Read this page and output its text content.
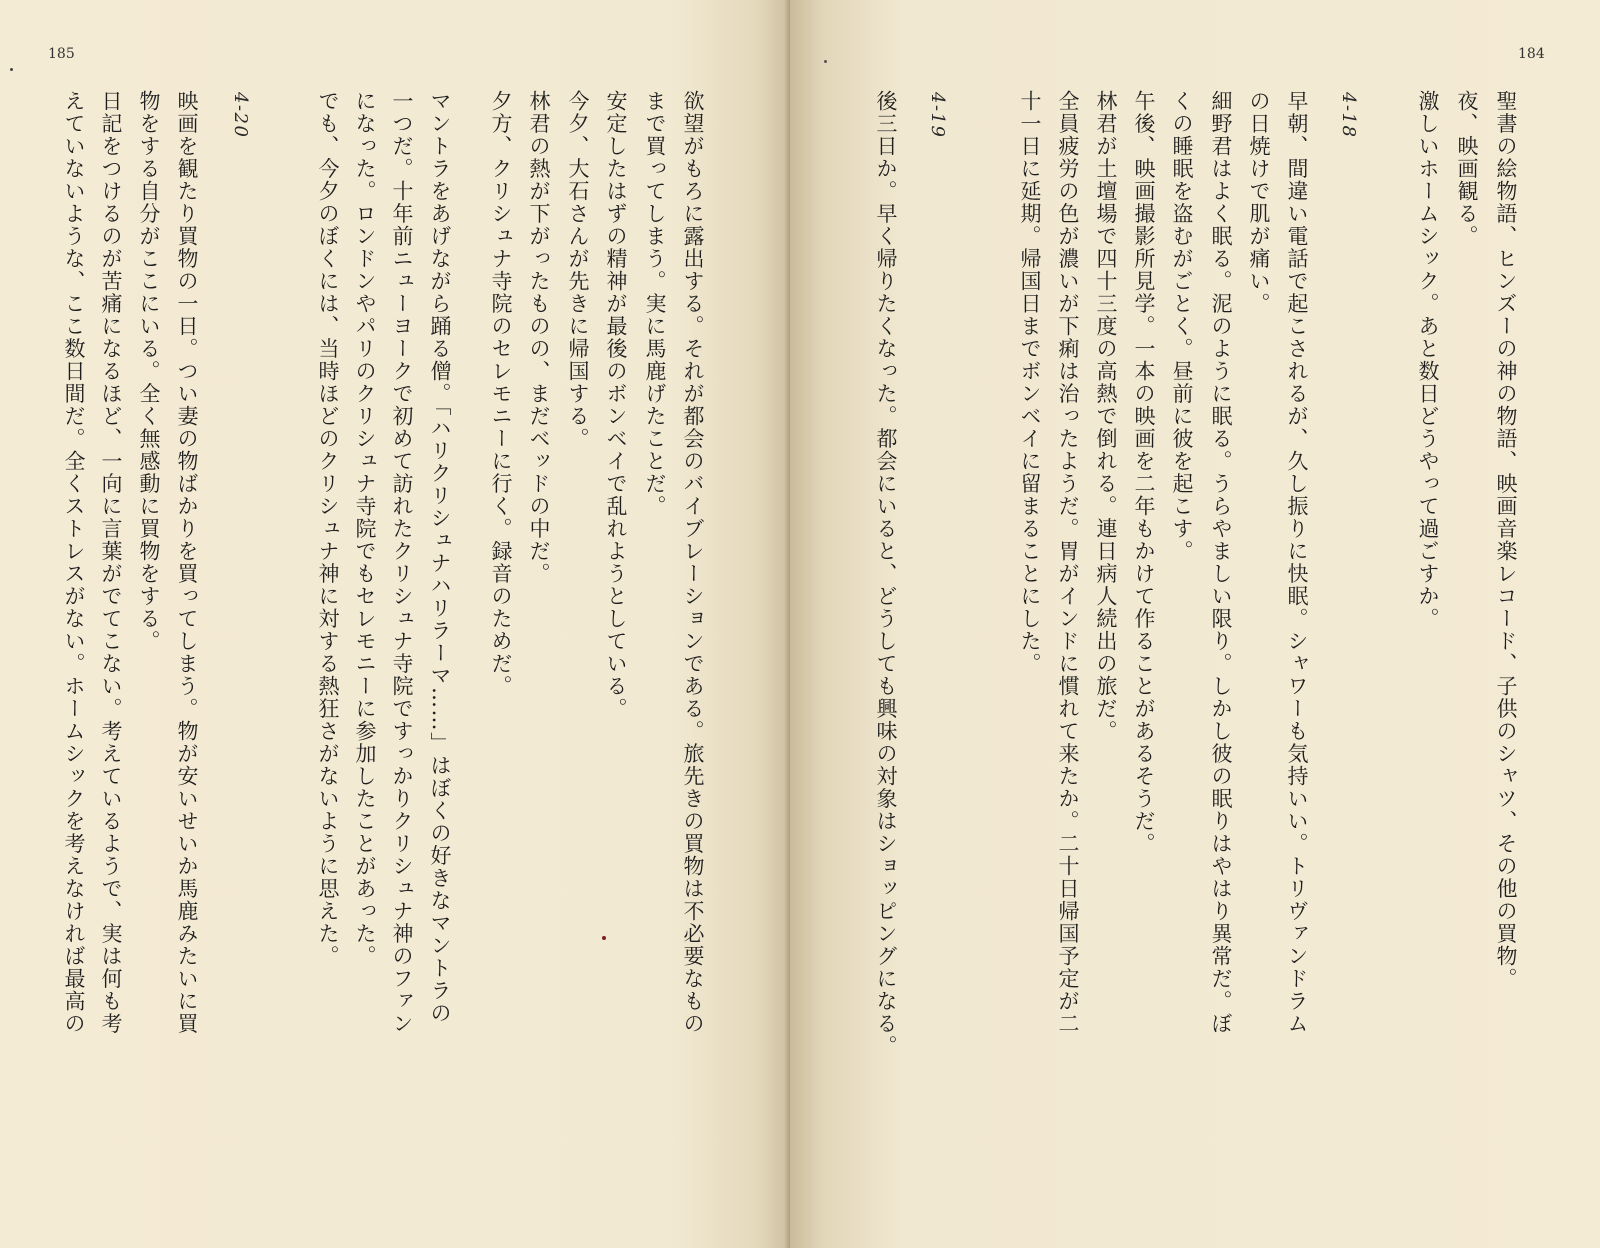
185
欲望がもろに露出する。それが都会のバイブレーションである。旅先きの買物は不必要なもの
まで買ってしまう。実に馬鹿げたことだ。
安定したはずの精神が最後のボンベイで乱れようとしている。
今夕、大石さんが先きに帰国する。
林君の熱が下がったものの、まだベッドの中だ。
夕方、クリシュナ寺院のセレモニーに行く。録音のためだ。
マントラをあげながら踊る僧。「ハリクリシュナハリラーマ……」はぼくの好きなマントラの
一つだ。十年前ニューヨークで初めて訪れたクリシュナ寺院ですっかりクリシュナ神のファン
になった。ロンドンやパリのクリシュナ寺院でもセレモニーに参加したことがあった。
でも、今夕のぼくには、当時ほどのクリシュナ神に対する熱狂さがないように思えた。
4-20
映画を観たり買物の一日。つい妻の物ばかりを買ってしまう。物が安いせいか馬鹿みたいに買
物をする自分がここにいる。全く無感動に買物をする。
日記をつけるのが苦痛になるほど、一向に言葉がでてこない。考えているようで、実は何も考
えていないような、ここ数日間だ。全くストレスがない。ホームシックを考えなければ最高の
184
聖書の絵物語、ヒンズーの神の物語、映画音楽レコード、子供のシャツ、その他の買物。
夜、映画観る。
激しいホームシック。あと数日どうやって過ごすか。
4-18
早朝、間違い電話で起こされるが、久し振りに快眠。シャワーも気持いい。トリヴァンドラム
の日焼けで肌が痛い。
細野君はよく眠る。泥のように眠る。うらやましい限り。しかし彼の眠りはやはり異常だ。ぼ
くの睡眠を盗むがごとく。昼前に彼を起こす。
午後、映画撮影所見学。一本の映画を二年もかけて作ることがあるそうだ。
林君が土壇場で四十三度の高熱で倒れる。連日病人続出の旅だ。
全員疲労の色が濃いが下痢は治ったようだ。胃がインドに慣れて来たか。二十日帰国予定が二
十一日に延期。帰国日までボンベイに留まることにした。
4-19
後三日か。早く帰りたくなった。都会にいると、どうしても興味の対象はショッピングになる。
